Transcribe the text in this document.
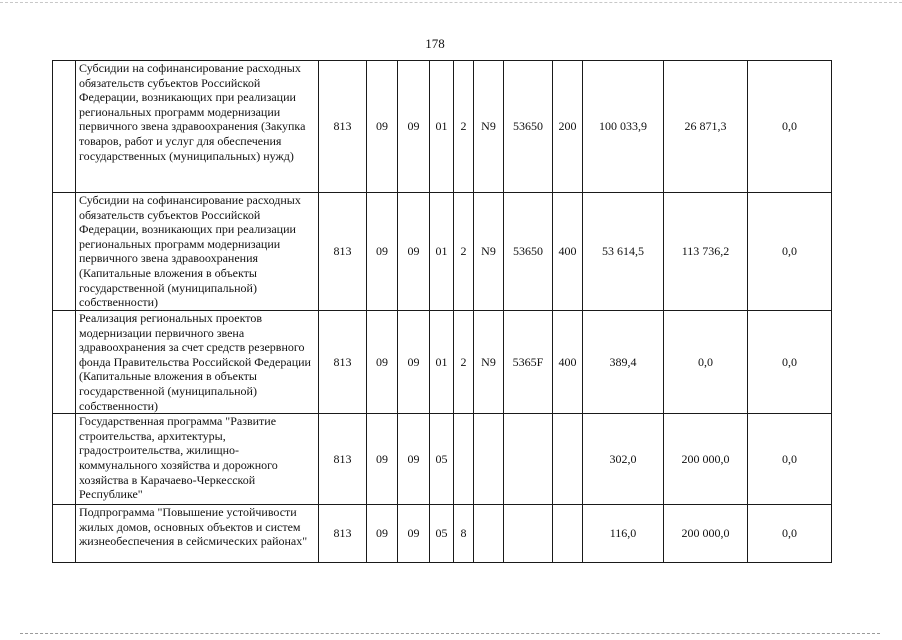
178
	Субсидии на софинансирование расходных обязательств субъектов Российской Федерации, возникающих при реализации региональных программ модернизации первичного звена здравоохранения (Закупка товаров, работ и услуг для обеспечения государственных (муниципальных) нужд)	813	09	09	01	2	N9	53650	200	100 033,9	26 871,3	0,0
	Субсидии на софинансирование расходных обязательств субъектов Российской Федерации, возникающих при реализации региональных программ модернизации первичного звена здравоохранения (Капитальные вложения в объекты государственной (муниципальной) собственности)	813	09	09	01	2	N9	53650	400	53 614,5	113 736,2	0,0
	Реализация региональных проектов модернизации первичного звена здравоохранения за счет средств резервного фонда Правительства Российской Федерации (Капитальные вложения в объекты государственной (муниципальной) собственности)	813	09	09	01	2	N9	5365F	400	389,4	0,0	0,0
	Государственная программа "Развитие строительства, архитектуры, градостроительства, жилищно-коммунального хозяйства и дорожного хозяйства в Карачаево-Черкесской Республике"	813	09	09	05					302,0	200 000,0	0,0
	Подпрограмма "Повышение устойчивости жилых домов, основных объектов и систем жизнеобеспечения в сейсмических районах"	813	09	09	05	8				116,0	200 000,0	0,0
